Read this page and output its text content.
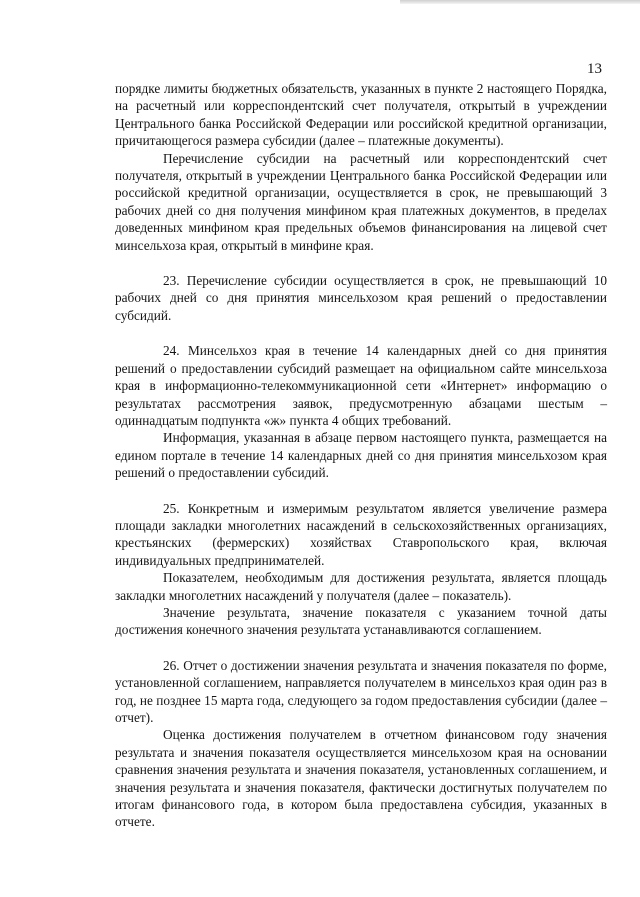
13

порядке лимиты бюджетных обязательств, указанных в пункте 2 настоящего Порядка, на расчетный или корреспондентский счет получателя, открытый в учреждении Центрального банка Российской Федерации или российской кредитной организации, причитающегося размера субсидии (далее – платежные документы).

Перечисление субсидии на расчетный или корреспондентский счет получателя, открытый в учреждении Центрального банка Российской Федерации или российской кредитной организации, осуществляется в срок, не превышающий 3 рабочих дней со дня получения минфином края платежных документов, в пределах доведенных минфином края предельных объемов финансирования на лицевой счет минсельхоза края, открытый в минфине края.

23. Перечисление субсидии осуществляется в срок, не превышающий 10 рабочих дней со дня принятия минсельхозом края решений о предоставлении субсидий.

24. Минсельхоз края в течение 14 календарных дней со дня принятия решений о предоставлении субсидий размещает на официальном сайте минсельхоза края в информационно-телекоммуникационной сети «Интернет» информацию о результатах рассмотрения заявок, предусмотренную абзацами шестым – одиннадцатым подпункта «ж» пункта 4 общих требований.

Информация, указанная в абзаце первом настоящего пункта, размещается на едином портале в течение 14 календарных дней со дня принятия минсельхозом края решений о предоставлении субсидий.

25. Конкретным и измеримым результатом является увеличение размера площади закладки многолетних насаждений в сельскохозяйственных организациях, крестьянских (фермерских) хозяйствах Ставропольского края, включая индивидуальных предпринимателей.

Показателем, необходимым для достижения результата, является площадь закладки многолетних насаждений у получателя (далее – показатель).

Значение результата, значение показателя с указанием точной даты достижения конечного значения результата устанавливаются соглашением.

26. Отчет о достижении значения результата и значения показателя по форме, установленной соглашением, направляется получателем в минсельхоз края один раз в год, не позднее 15 марта года, следующего за годом предоставления субсидии (далее – отчет).

Оценка достижения получателем в отчетном финансовом году значения результата и значения показателя осуществляется минсельхозом края на основании сравнения значения результата и значения показателя, установленных соглашением, и значения результата и значения показателя, фактически достигнутых получателем по итогам финансового года, в котором была предоставлена субсидия, указанных в отчете.
